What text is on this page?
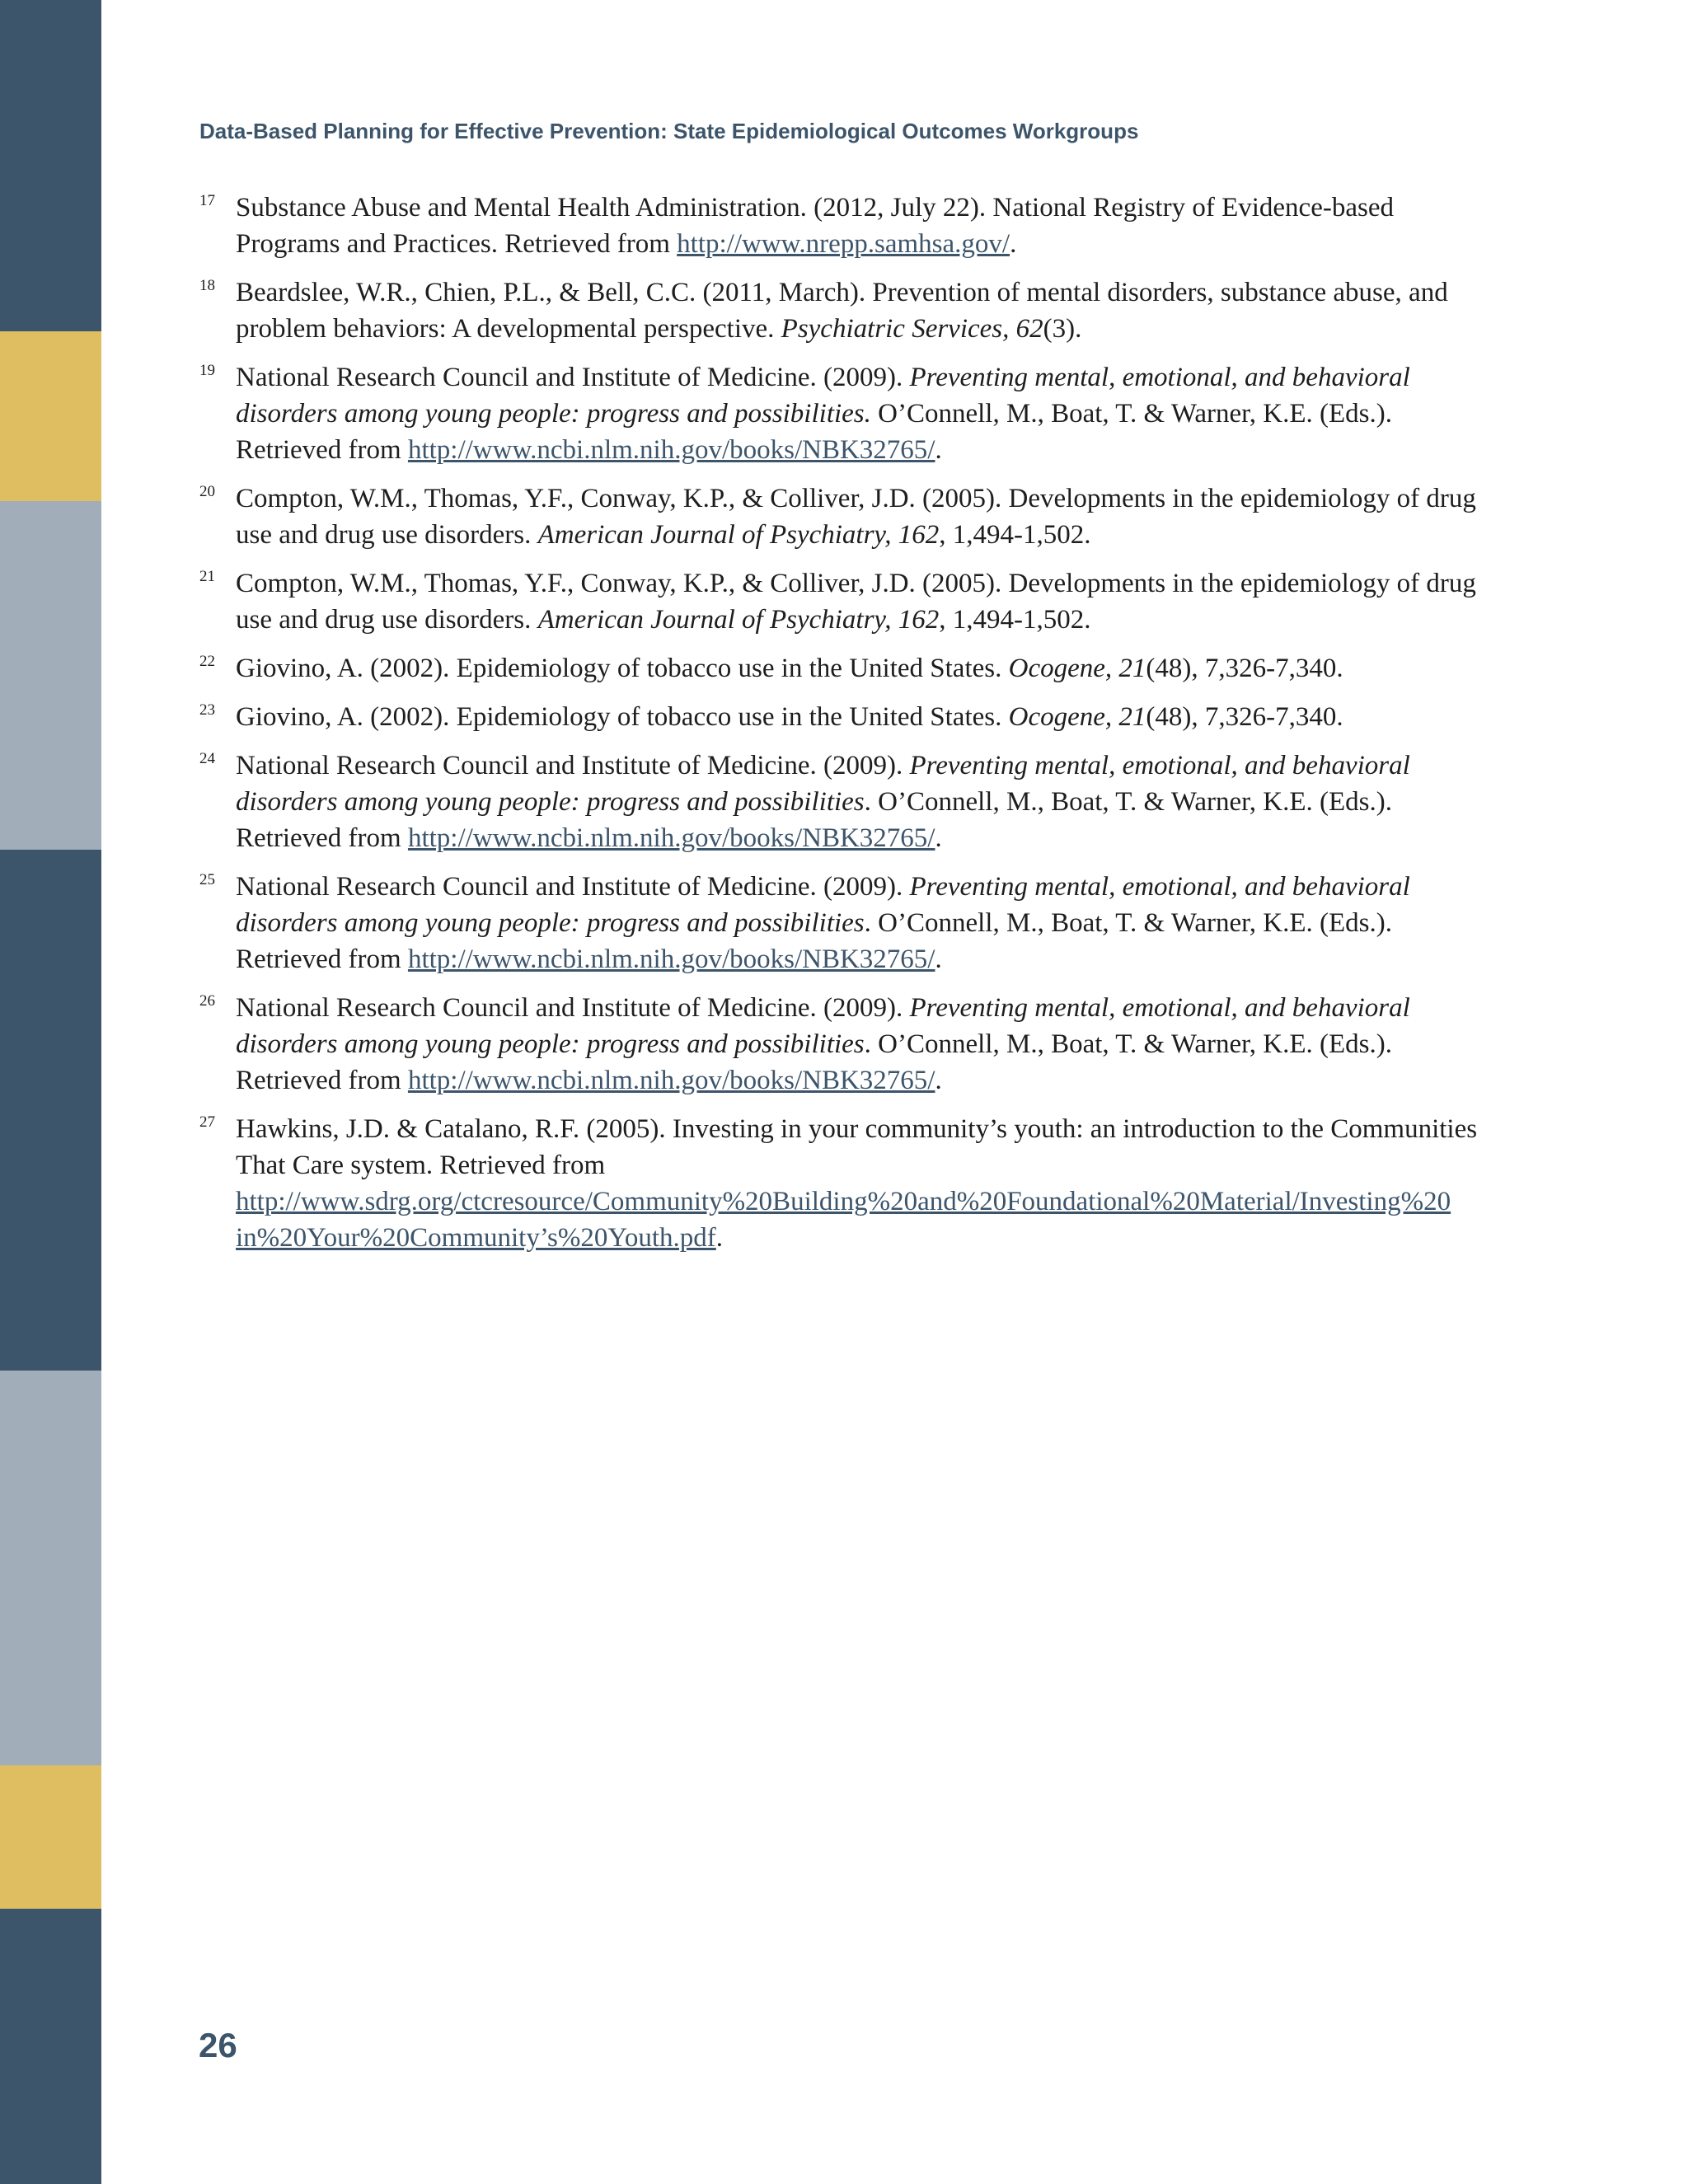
Data-Based Planning for Effective Prevention: State Epidemiological Outcomes Workgroups
17 Substance Abuse and Mental Health Administration. (2012, July 22). National Registry of Evidence-based Programs and Practices. Retrieved from http://www.nrepp.samhsa.gov/.
18 Beardslee, W.R., Chien, P.L., & Bell, C.C. (2011, March). Prevention of mental disorders, substance abuse, and problem behaviors: A developmental perspective. Psychiatric Services, 62(3).
19 National Research Council and Institute of Medicine. (2009). Preventing mental, emotional, and behavioral disorders among young people: progress and possibilities. O’Connell, M., Boat, T. & Warner, K.E. (Eds.). Retrieved from http://www.ncbi.nlm.nih.gov/books/NBK32765/.
20 Compton, W.M., Thomas, Y.F., Conway, K.P., & Colliver, J.D. (2005). Developments in the epidemiology of drug use and drug use disorders. American Journal of Psychiatry, 162, 1,494-1,502.
21 Compton, W.M., Thomas, Y.F., Conway, K.P., & Colliver, J.D. (2005). Developments in the epidemiology of drug use and drug use disorders. American Journal of Psychiatry, 162, 1,494-1,502.
22 Giovino, A. (2002). Epidemiology of tobacco use in the United States. Ocogene, 21(48), 7,326-7,340.
23 Giovino, A. (2002). Epidemiology of tobacco use in the United States. Ocogene, 21(48), 7,326-7,340.
24 National Research Council and Institute of Medicine. (2009). Preventing mental, emotional, and behavioral disorders among young people: progress and possibilities. O’Connell, M., Boat, T. & Warner, K.E. (Eds.). Retrieved from http://www.ncbi.nlm.nih.gov/books/NBK32765/.
25 National Research Council and Institute of Medicine. (2009). Preventing mental, emotional, and behavioral disorders among young people: progress and possibilities. O’Connell, M., Boat, T. & Warner, K.E. (Eds.). Retrieved from http://www.ncbi.nlm.nih.gov/books/NBK32765/.
26 National Research Council and Institute of Medicine. (2009). Preventing mental, emotional, and behavioral disorders among young people: progress and possibilities. O’Connell, M., Boat, T. & Warner, K.E. (Eds.). Retrieved from http://www.ncbi.nlm.nih.gov/books/NBK32765/.
27 Hawkins, J.D. & Catalano, R.F. (2005). Investing in your community’s youth: an introduction to the Communities That Care system. Retrieved from
http://www.sdrg.org/ctcresource/Community%20Building%20and%20Foundational%20Material/Investing%20
in%20Your%20Community’s%20Youth.pdf.
26
